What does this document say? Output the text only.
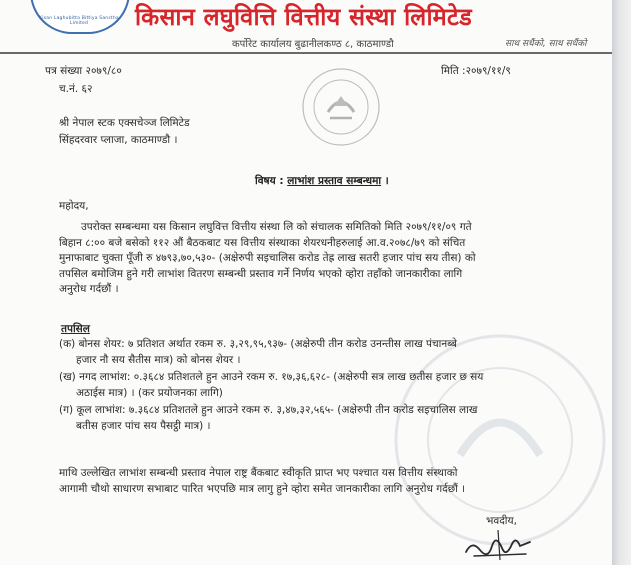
Kisan Laghubitta Bittiya Sanstha Limited	किसान लघुवित्ति वित्तीय संस्था लिमिटेड
कर्पोरेट कार्यालय बुढानीलकण्ठ ८, काठमाण्डौ	साथ सधैंको, साथ सधैंको
पत्र संख्या २०७९/८०
च.नं. ६२
मिति :२०७९/११/९
श्री नेपाल स्टक एक्सचेञ्ज लिमिटेड
सिंहदरवार प्लाजा, काठमाण्डौ ।
विषय : लाभांश प्रस्ताव सम्बन्धमा ।
महोदय,
उपरोक्त सम्बन्धमा यस किसान लघुवित्त वित्तीय संस्था लि को संचालक समितिको मिति २०७९/११/०९ गते
बिहान ८:०० बजे बसेको ११२ औं बैठकबाट यस वित्तीय संस्थाका शेयरधनीहरुलाई आ.व.२०७८/७९ को संचित
मुनाफाबाट चुक्ता पूँजी रु ४७९३,७०,५३०- (अक्षेरुपी सइचालिस करोड तेह्र लाख सतरी हजार पांच सय तीस) को
तपसिल बमोजिम हुने गरी लाभांश वितरण सम्बन्धी प्रस्ताव गर्ने निर्णय भएको व्होरा तहाँको जानकारीका लागि
अनुरोध गर्दछौं ।
तपसिल
(क) बोनस शेयर: ७ प्रतिशत अर्थात रकम रु. ३,२९,९५,९३७- (अक्षेरुपी तीन करोड उनन्तीस लाख पंचानब्बे
हजार नौ सय सैतीस मात्र) को बोनस शेयर ।
(ख) नगद लाभांश: ०.३६८४ प्रतिशतले हुन आउने रकम रु. १७,३६,६२८- (अक्षेरुपी सत्र लाख छतीस हजार छ सय
अठाईस मात्र) । (कर प्रयोजनका लागि)
(ग) कूल लाभांश: ७.३६८४ प्रतिशतले हुन आउने रकम रु. ३,४७,३२,५६५- (अक्षेरुपी तीन करोड सइचालिस लाख
बतीस हजार पांच सय पैसट्ठी मात्र) ।
माथि उल्लेखित लाभांश सम्बन्धी प्रस्ताव नेपाल राष्ट्र बैंकबाट स्वीकृति प्राप्त भए पश्चात यस वित्तीय संस्थाको
आगामी चौथो साधारण सभाबाट पारित भएपछि मात्र लागु हुने व्होरा समेत जानकारीका लागि अनुरोध गर्दछौं ।
भवदीय,
